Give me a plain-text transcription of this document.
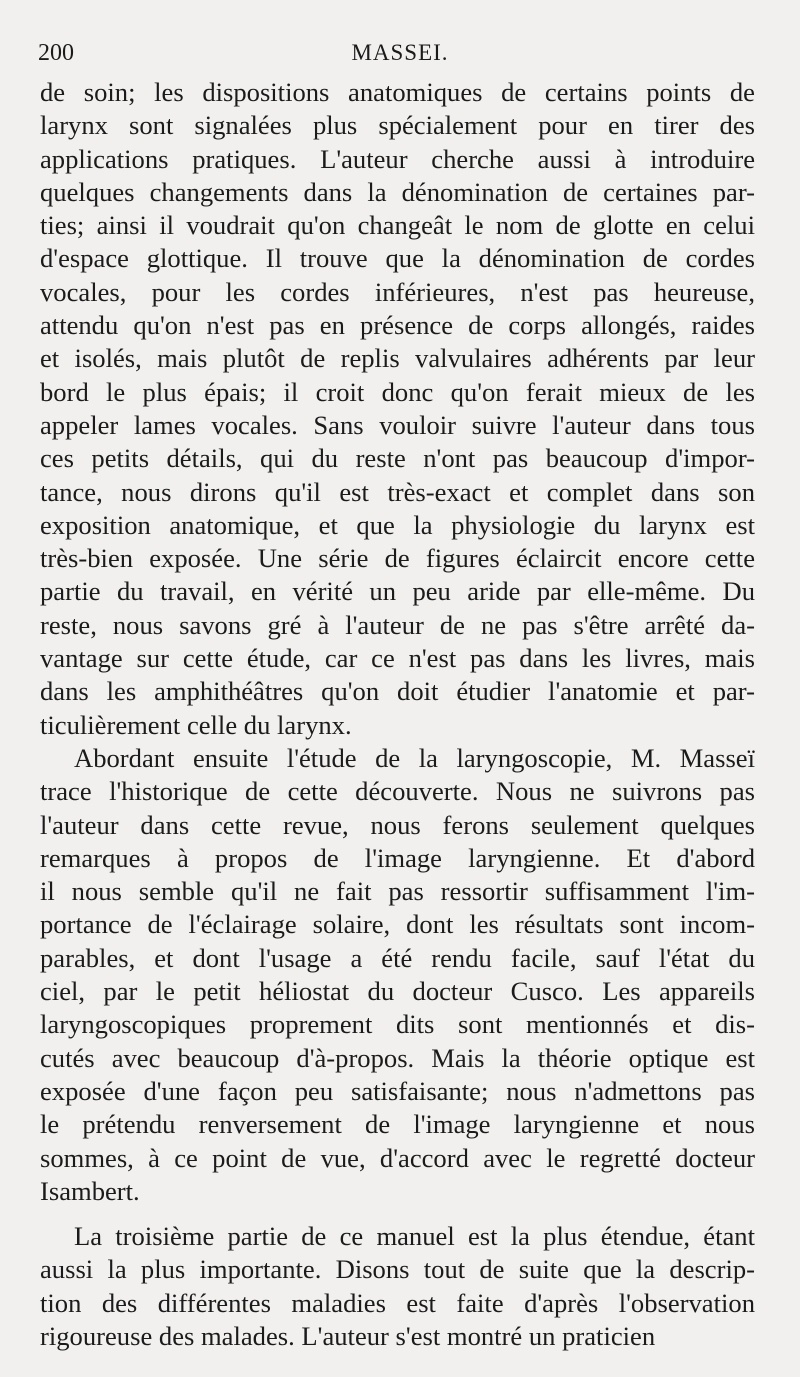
200	MASSEI.
de soin; les dispositions anatomiques de certains points de
larynx sont signalées plus spécialement pour en tirer des
applications pratiques. L'auteur cherche aussi à introduire
quelques changements dans la dénomination de certaines par-
ties; ainsi il voudrait qu'on changeât le nom de glotte en celui
d'espace glottique. Il trouve que la dénomination de cordes
vocales, pour les cordes inférieures, n'est pas heureuse,
attendu qu'on n'est pas en présence de corps allongés, raides
et isolés, mais plutôt de replis valvulaires adhérents par leur
bord le plus épais; il croit donc qu'on ferait mieux de les
appeler lames vocales. Sans vouloir suivre l'auteur dans tous
ces petits détails, qui du reste n'ont pas beaucoup d'impor-
tance, nous dirons qu'il est très-exact et complet dans son
exposition anatomique, et que la physiologie du larynx est
très-bien exposée. Une série de figures éclaircit encore cette
partie du travail, en vérité un peu aride par elle-même. Du
reste, nous savons gré à l'auteur de ne pas s'être arrêté da-
vantage sur cette étude, car ce n'est pas dans les livres, mais
dans les amphithéâtres qu'on doit étudier l'anatomie et par-
ticulièrement celle du larynx.
Abordant ensuite l'étude de la laryngoscopie, M. Masseï
trace l'historique de cette découverte. Nous ne suivrons pas
l'auteur dans cette revue, nous ferons seulement quelques
remarques à propos de l'image laryngienne. Et d'abord
il nous semble qu'il ne fait pas ressortir suffisamment l'im-
portance de l'éclairage solaire, dont les résultats sont incom-
parables, et dont l'usage a été rendu facile, sauf l'état du
ciel, par le petit héliostat du docteur Cusco. Les appareils
laryngoscopiques proprement dits sont mentionnés et dis-
cutés avec beaucoup d'à-propos. Mais la théorie optique est
exposée d'une façon peu satisfaisante; nous n'admettons pas
le prétendu renversement de l'image laryngienne et nous
sommes, à ce point de vue, d'accord avec le regretté docteur
Isambert.
La troisième partie de ce manuel est la plus étendue, étant
aussi la plus importante. Disons tout de suite que la descrip-
tion des différentes maladies est faite d'après l'observation
rigoureuse des malades. L'auteur s'est montré un praticien
